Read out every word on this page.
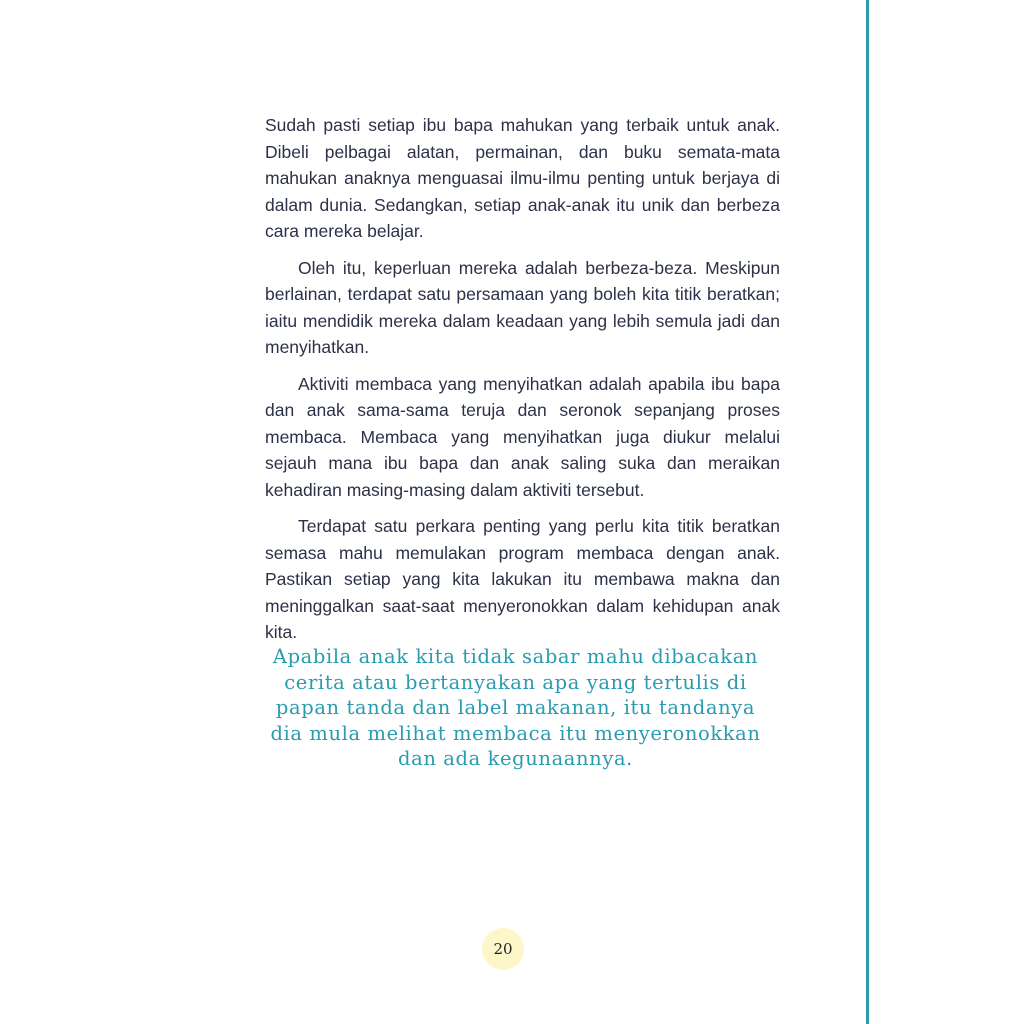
Sudah pasti setiap ibu bapa mahukan yang terbaik untuk anak. Dibeli pelbagai alatan, permainan, dan buku semata-mata mahukan anaknya menguasai ilmu-ilmu penting untuk berjaya di dalam dunia. Sedangkan, setiap anak-anak itu unik dan berbeza cara mereka belajar.

Oleh itu, keperluan mereka adalah berbeza-beza. Meskipun berlainan, terdapat satu persamaan yang boleh kita titik beratkan; iaitu mendidik mereka dalam keadaan yang lebih semula jadi dan menyihatkan.

Aktiviti membaca yang menyihatkan adalah apabila ibu bapa dan anak sama-sama teruja dan seronok sepanjang proses membaca. Membaca yang menyihatkan juga diukur melalui sejauh mana ibu bapa dan anak saling suka dan meraikan kehadiran masing-masing dalam aktiviti tersebut.

Terdapat satu perkara penting yang perlu kita titik beratkan semasa mahu memulakan program membaca dengan anak. Pastikan setiap yang kita lakukan itu membawa makna dan meninggalkan saat-saat menyeronokkan dalam kehidupan anak kita.

Apabila anak kita tidak sabar mahu dibacakan cerita atau bertanyakan apa yang tertulis di papan tanda dan label makanan, itu tandanya dia mula melihat membaca itu menyeronokkan dan ada kegunaannya.
20
